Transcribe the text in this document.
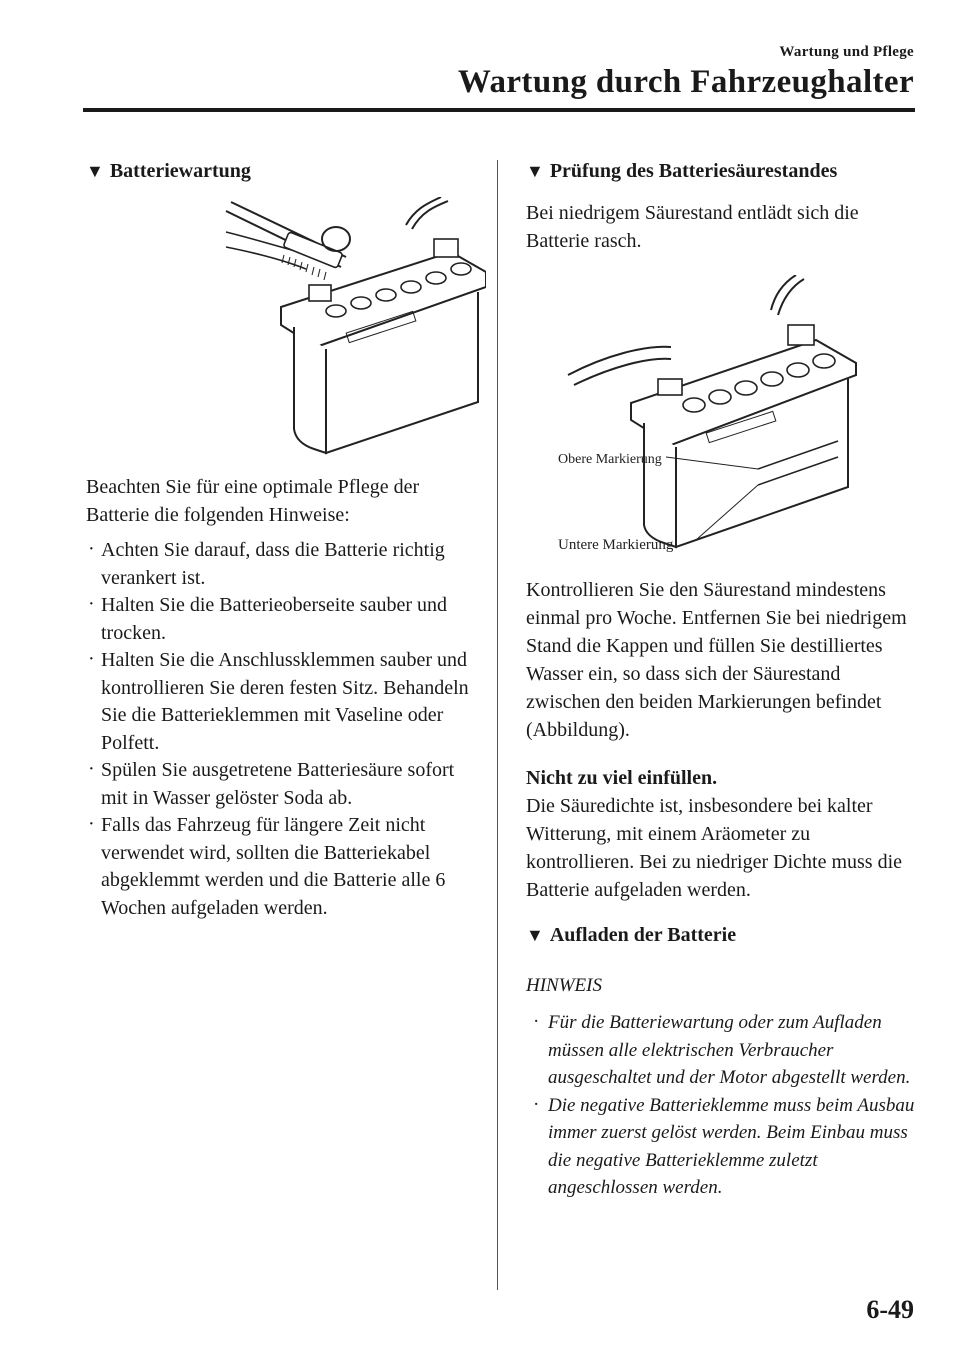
Wartung und Pflege
Wartung durch Fahrzeughalter
▼ Batteriewartung

Beachten Sie für eine optimale Pflege der Batterie die folgenden Hinweise:

· Achten Sie darauf, dass die Batterie richtig verankert ist.
· Halten Sie die Batterieoberseite sauber und trocken.
· Halten Sie die Anschlussklemmen sauber und kontrollieren Sie deren festen Sitz. Behandeln Sie die Batterieklemmen mit Vaseline oder Polfett.
· Spülen Sie ausgetretene Batteriesäure sofort mit in Wasser gelöster Soda ab.
· Falls das Fahrzeug für längere Zeit nicht verwendet wird, sollten die Batteriekabel abgeklemmt werden und die Batterie alle 6 Wochen aufgeladen werden.
▼ Prüfung des Batteriesäurestandes

Bei niedrigem Säurestand entlädt sich die Batterie rasch.

Obere Markierung
Untere Markierung

Kontrollieren Sie den Säurestand mindestens einmal pro Woche. Entfernen Sie bei niedrigem Stand die Kappen und füllen Sie destilliertes Wasser ein, so dass sich der Säurestand zwischen den beiden Markierungen befindet (Abbildung).

Nicht zu viel einfüllen.

Die Säuredichte ist, insbesondere bei kalter Witterung, mit einem Aräometer zu kontrollieren. Bei zu niedriger Dichte muss die Batterie aufgeladen werden.

▼ Aufladen der Batterie

HINWEIS

· Für die Batteriewartung oder zum Aufladen müssen alle elektrischen Verbraucher ausgeschaltet und der Motor abgestellt werden.
· Die negative Batterieklemme muss beim Ausbau immer zuerst gelöst werden. Beim Einbau muss die negative Batterieklemme zuletzt angeschlossen werden.
6-49
